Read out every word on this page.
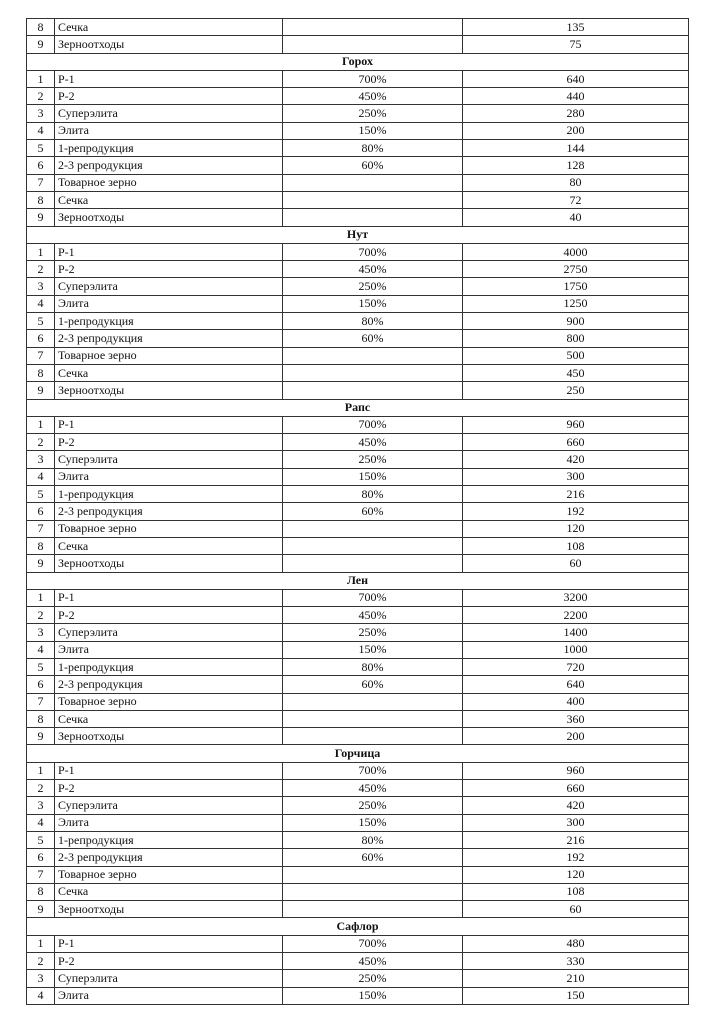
8	Сечка		135
9	Зерноотходы		75
Горох			
1	Р-1	700%	640
2	Р-2	450%	440
3	Суперэлита	250%	280
4	Элита	150%	200
5	1-репродукция	80%	144
6	2-3 репродукция	60%	128
7	Товарное зерно		80
8	Сечка		72
9	Зерноотходы		40
Нут			
1	Р-1	700%	4000
2	Р-2	450%	2750
3	Суперэлита	250%	1750
4	Элита	150%	1250
5	1-репродукция	80%	900
6	2-3 репродукция	60%	800
7	Товарное зерно		500
8	Сечка		450
9	Зерноотходы		250
Рапс			
1	Р-1	700%	960
2	Р-2	450%	660
3	Суперэлита	250%	420
4	Элита	150%	300
5	1-репродукция	80%	216
6	2-3 репродукция	60%	192
7	Товарное зерно		120
8	Сечка		108
9	Зерноотходы		60
Лен			
1	Р-1	700%	3200
2	Р-2	450%	2200
3	Суперэлита	250%	1400
4	Элита	150%	1000
5	1-репродукция	80%	720
6	2-3 репродукция	60%	640
7	Товарное зерно		400
8	Сечка		360
9	Зерноотходы		200
Горчица			
1	Р-1	700%	960
2	Р-2	450%	660
3	Суперэлита	250%	420
4	Элита	150%	300
5	1-репродукция	80%	216
6	2-3 репродукция	60%	192
7	Товарное зерно		120
8	Сечка		108
9	Зерноотходы		60
Сафлор			
1	Р-1	700%	480
2	Р-2	450%	330
3	Суперэлита	250%	210
4	Элита	150%	150
